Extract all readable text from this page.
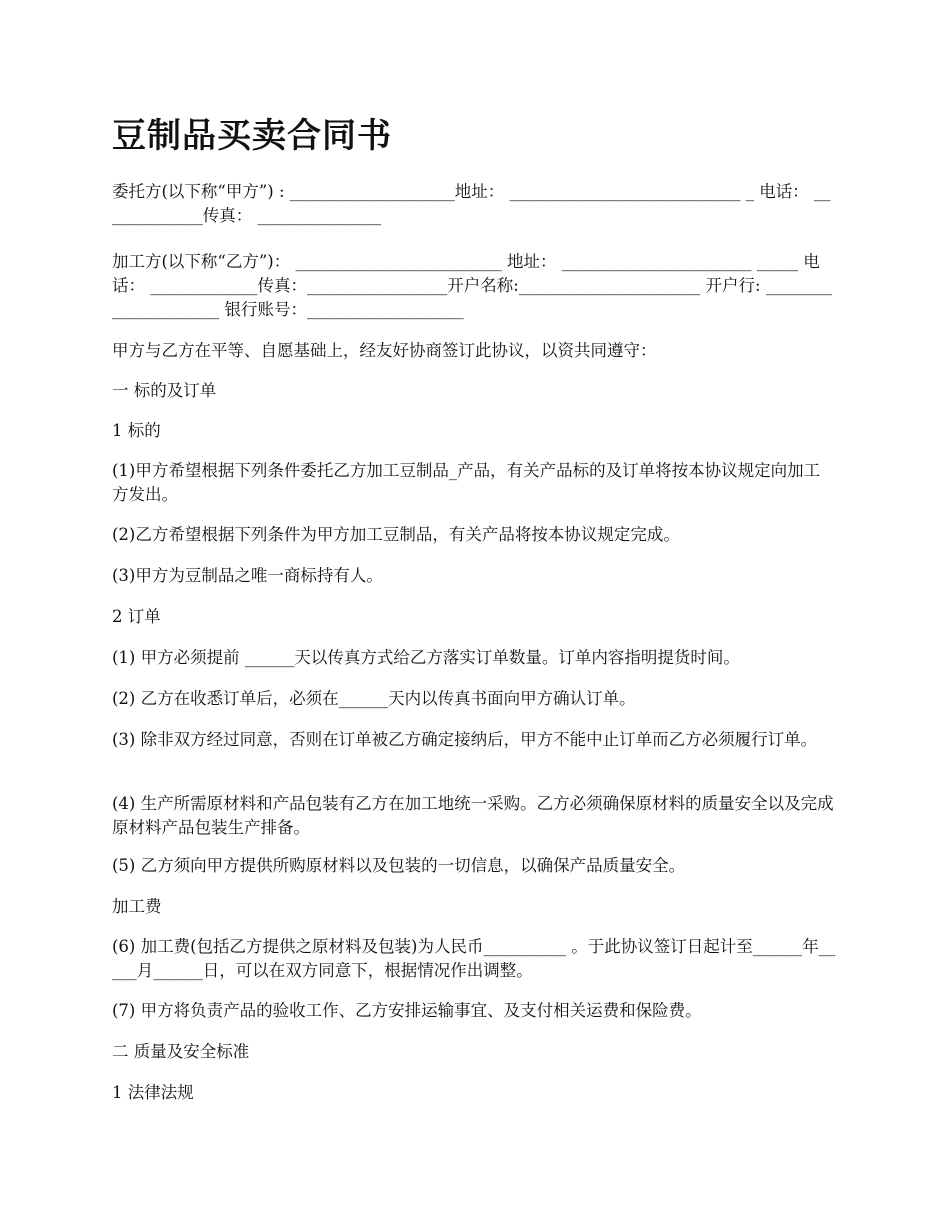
豆制品买卖合同书

委托方(以下称“甲方”) : ____________________地址： ____________________________ _ 电话： _____________传真： _______________

加工方(以下称“乙方”)： _________________________ 地址： _______________________ _____ 电话： _____________传真：_________________开户名称:______________________ 开户行: _____________________ 银行账号：___________________

甲方与乙方在平等、自愿基础上，经友好协商签订此协议，以资共同遵守：

一 标的及订单

1 标的

(1)甲方希望根据下列条件委托乙方加工豆制品_产品，有关产品标的及订单将按本协议规定向加工方发出。

(2)乙方希望根据下列条件为甲方加工豆制品，有关产品将按本协议规定完成。

(3)甲方为豆制品之唯一商标持有人。

2 订单

(1) 甲方必须提前 ______天以传真方式给乙方落实订单数量。订单内容指明提货时间。

(2) 乙方在收悉订单后，必须在______天内以传真书面向甲方确认订单。

(3) 除非双方经过同意，否则在订单被乙方确定接纳后，甲方不能中止订单而乙方必须履行订单。

(4) 生产所需原材料和产品包装有乙方在加工地统一采购。乙方必须确保原材料的质量安全以及完成原材料产品包装生产排备。

(5) 乙方须向甲方提供所购原材料以及包装的一切信息，以确保产品质量安全。

加工费

(6) 加工费(包括乙方提供之原材料及包装)为人民币__________ 。于此协议签订日起计至______年_____月______日，可以在双方同意下，根据情况作出调整。

(7) 甲方将负责产品的验收工作、乙方安排运输事宜、及支付相关运费和保险费。

二 质量及安全标准

1 法律法规
